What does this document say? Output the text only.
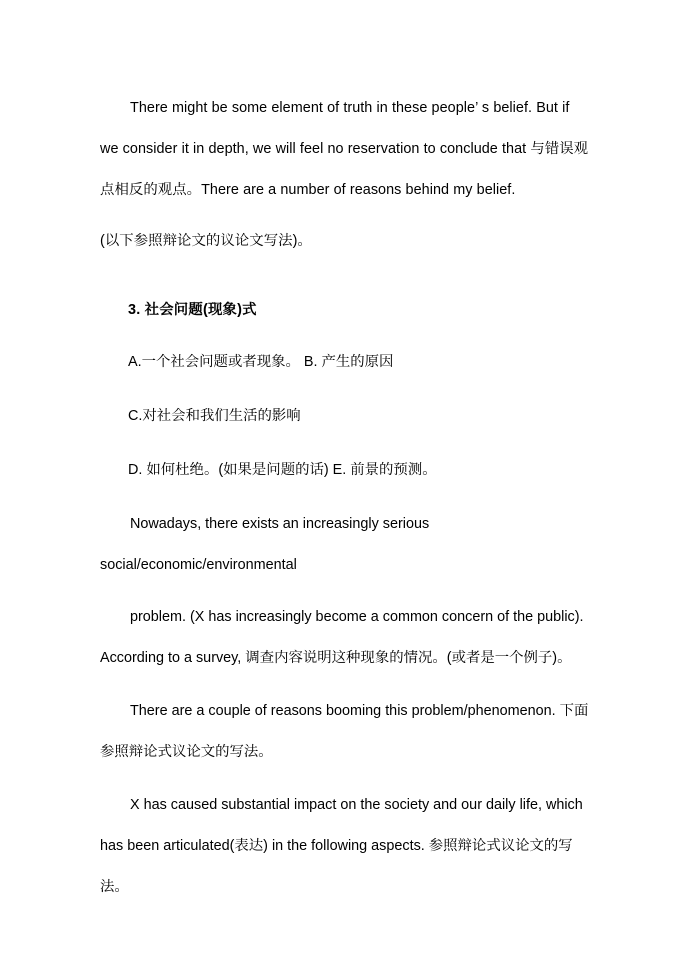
There might be some element of truth in these people’ s belief. But if we consider it in depth, we will feel no reservation to conclude that 与错误观点相反的观点。There are a number of reasons behind my belief.

(以下参照辩论文的议论文写法)。

3. 社会问题(现象)式

A.一个社会问题或者现象。 B. 产生的原因

C.对社会和我们生活的影响

D. 如何杜绝。(如果是问题的话) E. 前景的预测。

Nowadays, there exists an increasingly serious

social/economic/environmental

problem. (X has increasingly become a common concern of the public). According to a survey, 调查内容说明这种现象的情况。(或者是一个例子)。

There are a couple of reasons booming this problem/phenomenon. 下面参照辩论式议论文的写法。

X has caused substantial impact on the society and our daily life, which has been articulated(表达) in the following aspects. 参照辩论式议论文的写法。
